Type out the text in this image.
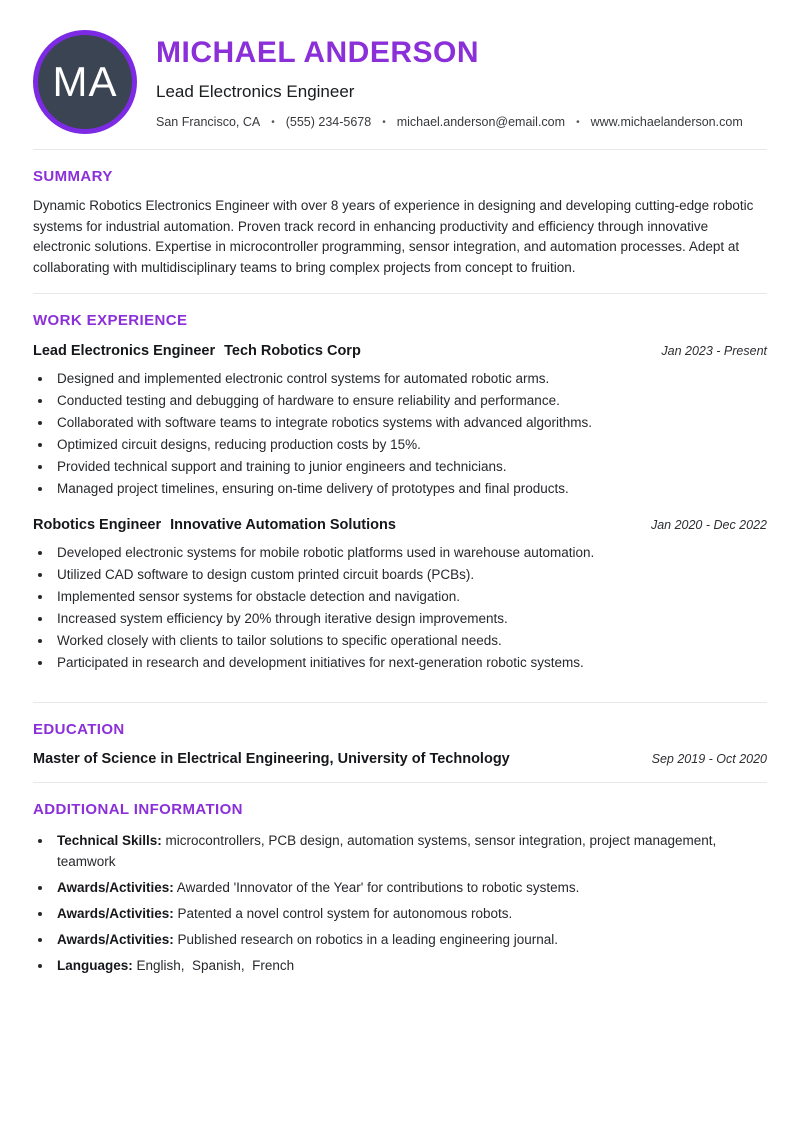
MA
MICHAEL ANDERSON
Lead Electronics Engineer
San Francisco, CA • (555) 234-5678 • michael.anderson@email.com • www.michaelanderson.com
SUMMARY

Dynamic Robotics Electronics Engineer with over 8 years of experience in designing and developing cutting-edge robotic systems for industrial automation. Proven track record in enhancing productivity and efficiency through innovative electronic solutions. Expertise in microcontroller programming, sensor integration, and automation processes. Adept at collaborating with multidisciplinary teams to bring complex projects from concept to fruition.

WORK EXPERIENCE
Lead Electronics Engineer Tech Robotics Corp	Jan 2023 - Present
• Designed and implemented electronic control systems for automated robotic arms.
• Conducted testing and debugging of hardware to ensure reliability and performance.
• Collaborated with software teams to integrate robotics systems with advanced algorithms.
• Optimized circuit designs, reducing production costs by 15%.
• Provided technical support and training to junior engineers and technicians.
• Managed project timelines, ensuring on-time delivery of prototypes and final products.
Robotics Engineer Innovative Automation Solutions	Jan 2020 - Dec 2022
• Developed electronic systems for mobile robotic platforms used in warehouse automation.
• Utilized CAD software to design custom printed circuit boards (PCBs).
• Implemented sensor systems for obstacle detection and navigation.
• Increased system efficiency by 20% through iterative design improvements.
• Worked closely with clients to tailor solutions to specific operational needs.
• Participated in research and development initiatives for next-generation robotic systems.
EDUCATION
Master of Science in Electrical Engineering, University of Technology	Sep 2019 - Oct 2020
ADDITIONAL INFORMATION
• Technical Skills: microcontrollers, PCB design, automation systems, sensor integration, project management, teamwork
• Awards/Activities: Awarded 'Innovator of the Year' for contributions to robotic systems.
• Awards/Activities: Patented a novel control system for autonomous robots.
• Awards/Activities: Published research on robotics in a leading engineering journal.
• Languages: English,  Spanish,  French
